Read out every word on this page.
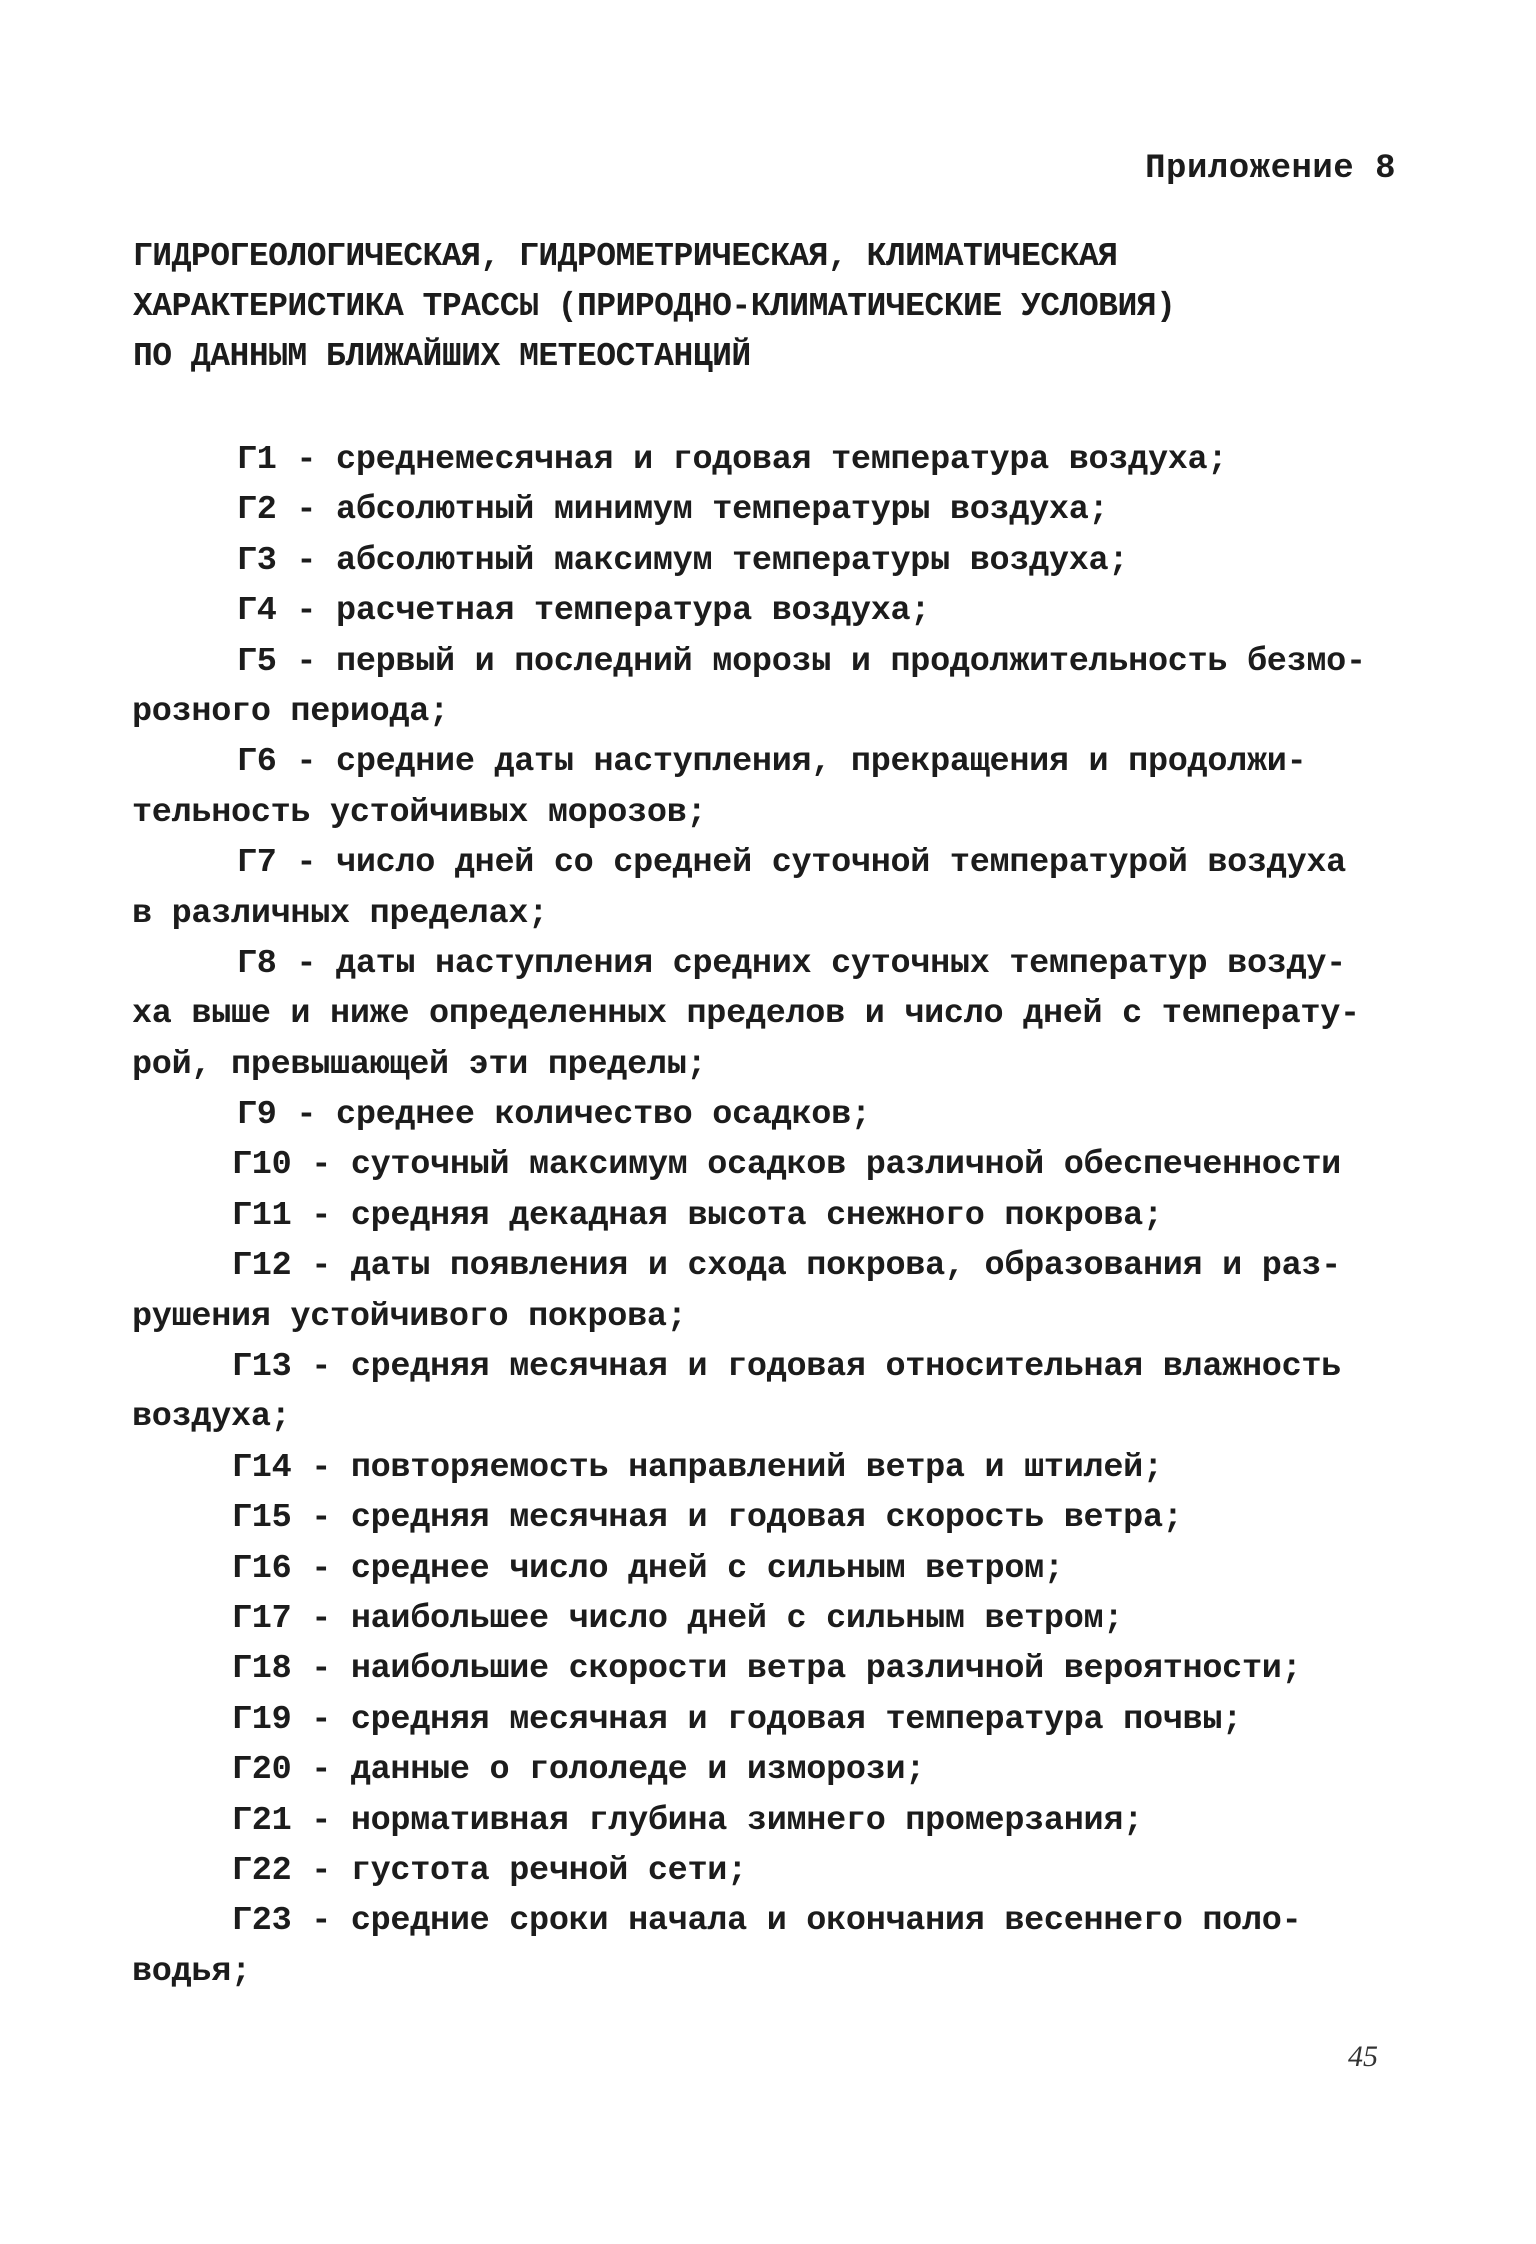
Приложение 8
ГИДРОГЕОЛОГИЧЕСКАЯ, ГИДРОМЕТРИЧЕСКАЯ, КЛИМАТИЧЕСКАЯ
ХАРАКТЕРИСТИКА ТРАССЫ (ПРИРОДНО-КЛИМАТИЧЕСКИЕ УСЛОВИЯ)
ПО ДАННЫМ БЛИЖАЙШИХ МЕТЕОСТАНЦИЙ
Г1 - среднемесячная и годовая температура воздуха;
Г2 - абсолютный минимум температуры воздуха;
Г3 - абсолютный максимум температуры воздуха;
Г4 - расчетная температура воздуха;
Г5 - первый и последний морозы и продолжительность безмо-
розного периода;
Г6 - средние даты наступления, прекращения и продолжи-
тельность устойчивых морозов;
Г7 - число дней со средней суточной температурой воздуха
в различных пределах;
Г8 - даты наступления средних суточных температур возду-
ха выше и ниже определенных пределов и число дней с температу-
рой, превышающей эти пределы;
Г9 - среднее количество осадков;
Г10 - суточный максимум осадков различной обеспеченности
Г11 - средняя декадная высота снежного покрова;
Г12 - даты появления и схода покрова, образования и раз-
рушения устойчивого покрова;
Г13 - средняя месячная и годовая относительная влажность
воздуха;
Г14 - повторяемость направлений ветра и штилей;
Г15 - средняя месячная и годовая скорость ветра;
Г16 - среднее число дней с сильным ветром;
Г17 - наибольшее число дней с сильным ветром;
Г18 - наибольшие скорости ветра различной вероятности;
Г19 - средняя месячная и годовая температура почвы;
Г20 - данные о гололеде и изморози;
Г21 - нормативная глубина зимнего промерзания;
Г22 - густота речной сети;
Г23 - средние сроки начала и окончания весеннего поло-
водья;
45
